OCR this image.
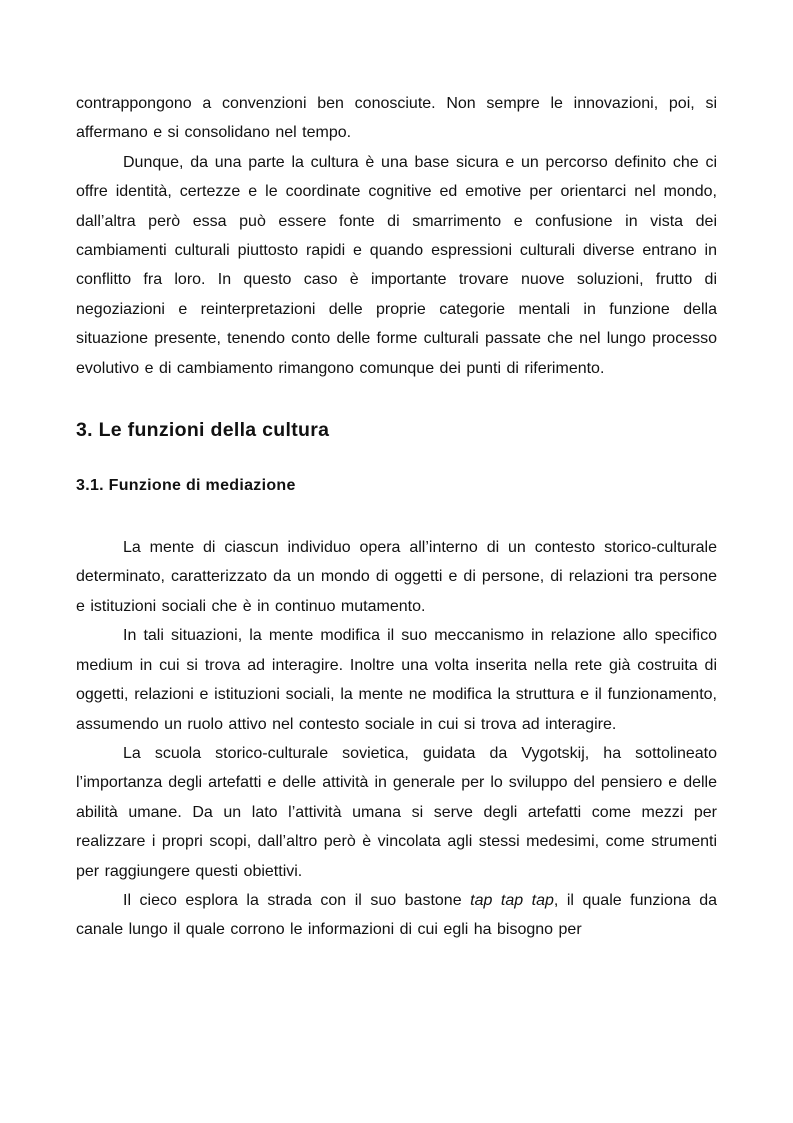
contrappongono a convenzioni ben conosciute. Non sempre le innovazioni, poi, si affermano e si consolidano nel tempo.

Dunque, da una parte la cultura è una base sicura e un percorso definito che ci offre identità, certezze e le coordinate cognitive ed emotive per orientarci nel mondo, dall’altra però essa può essere fonte di smarrimento e confusione in vista dei cambiamenti culturali piuttosto rapidi e quando espressioni culturali diverse entrano in conflitto fra loro. In questo caso è importante trovare nuove soluzioni, frutto di negoziazioni e reinterpretazioni delle proprie categorie mentali in funzione della situazione presente, tenendo conto delle forme culturali passate che nel lungo processo evolutivo e di cambiamento rimangono comunque dei punti di riferimento.

3. Le funzioni della cultura
3.1. Funzione di mediazione

La mente di ciascun individuo opera all’interno di un contesto storico-culturale determinato, caratterizzato da un mondo di oggetti e di persone, di relazioni tra persone e istituzioni sociali che è in continuo mutamento.

In tali situazioni, la mente modifica il suo meccanismo in relazione allo specifico medium in cui si trova ad interagire. Inoltre una volta inserita nella rete già costruita di oggetti, relazioni e istituzioni sociali, la mente ne modifica la struttura e il funzionamento, assumendo un ruolo attivo nel contesto sociale in cui si trova ad interagire.

La scuola storico-culturale sovietica, guidata da Vygotskij, ha sottolineato l’importanza degli artefatti e delle attività in generale per lo sviluppo del pensiero e delle abilità umane. Da un lato l’attività umana si serve degli artefatti come mezzi per realizzare i propri scopi, dall’altro però è vincolata agli stessi medesimi, come strumenti per raggiungere questi obiettivi.

Il cieco esplora la strada con il suo bastone tap tap tap, il quale funziona da canale lungo il quale corrono le informazioni di cui egli ha bisogno per
